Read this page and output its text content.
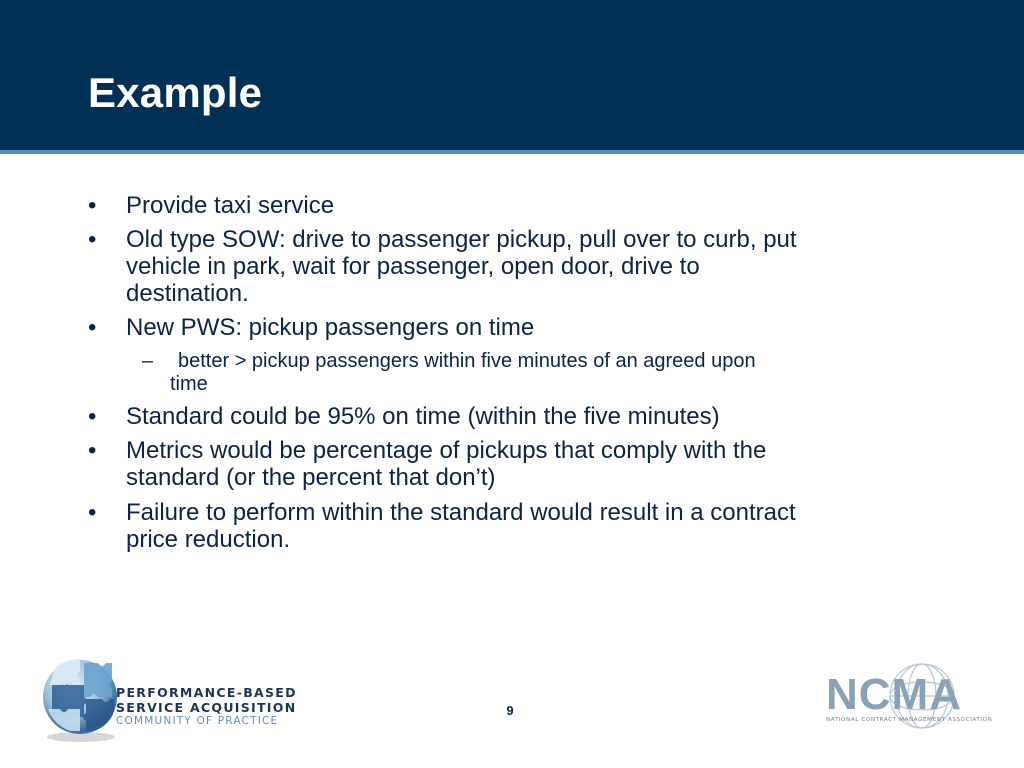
Example
• Provide taxi service
• Old type SOW: drive to passenger pickup, pull over to curb, put
vehicle in park, wait for passenger, open door, drive to
destination.
• New PWS: pickup passengers on time
–	better > pickup passengers within five minutes of an agreed upon
time
• Standard could be 95% on time (within the five minutes)
• Metrics would be percentage of pickups that comply with the
standard (or the percent that don’t)
• Failure to perform within the standard would result in a contract
price reduction.
PERFORMANCE-BASED
SERVICE ACQUISITION
COMMUNITY OF PRACTICE
9	NCMA
NATIONAL CONTRACT MANAGEMENT ASSOCIATION
